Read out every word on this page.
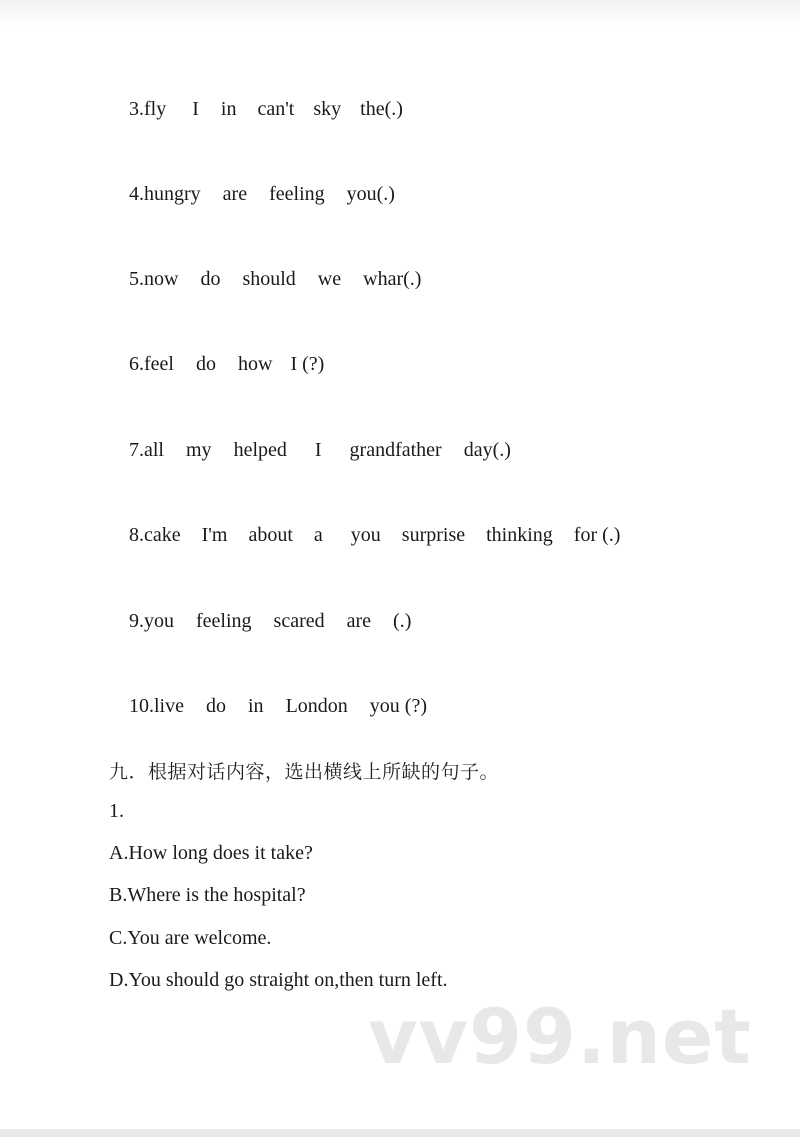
3.fly I in can't sky the(.)

4.hungry are feeling you(.)

5.now do should we whar(.)

6.feel do how I (?)

7.all my helped I grandfather day(.)

8.cake I'm about a you surprise thinking for (.)

9.you feeling scared are (.)

10.live do in London you (?)

九．根据对话内容，选出横线上所缺的句子。
1.
A.How long does it take?
B.Where is the hospital?
C.You are welcome.
D.You should go straight on,then turn left.
vv99.net
